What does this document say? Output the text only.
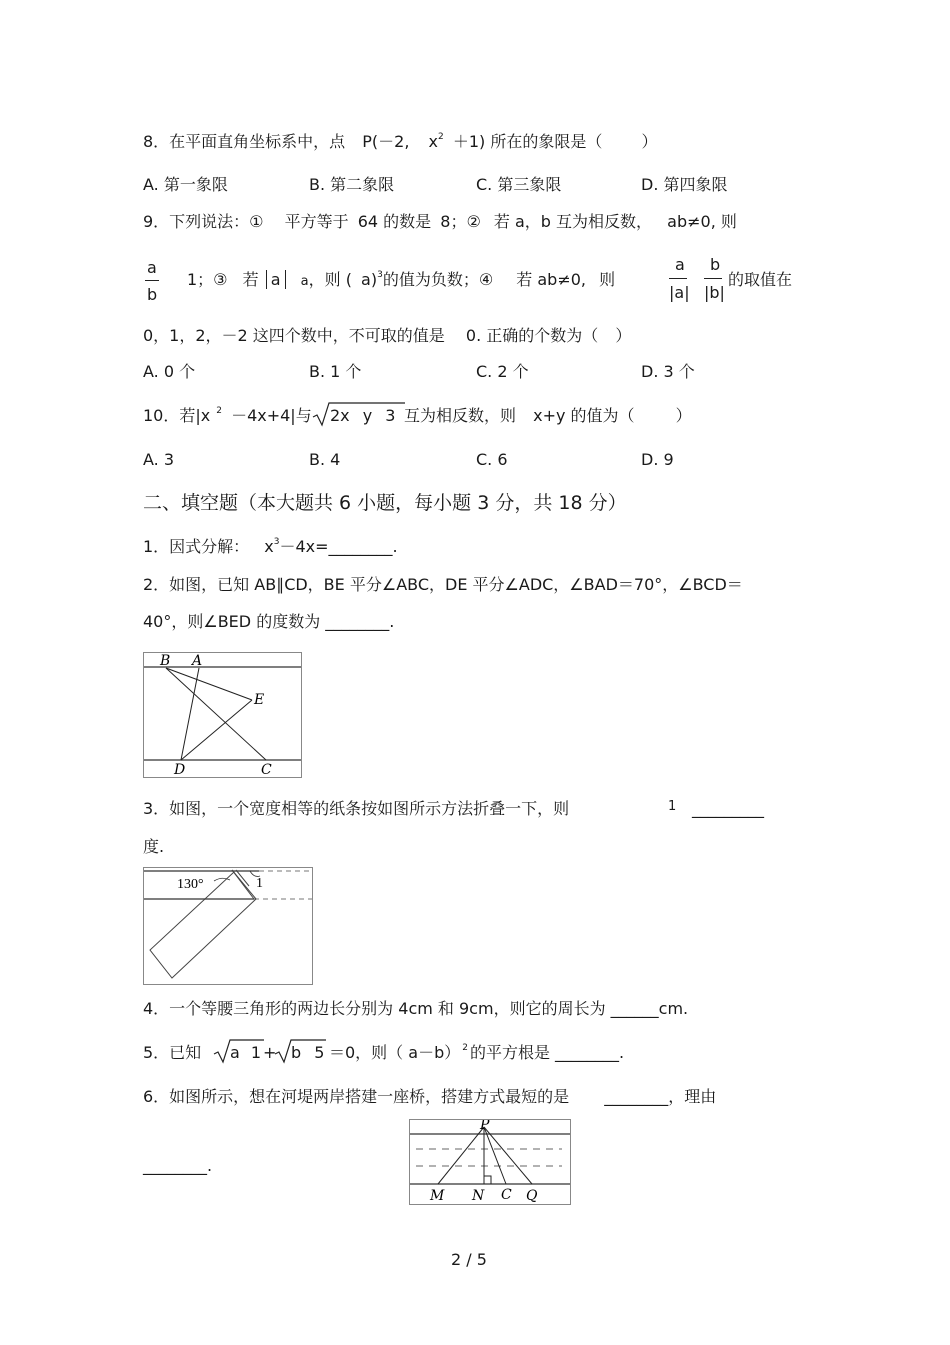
8．在平面直角坐标系中，点 P(－2, $x^2 +1$) 所在的象限是（ ）
A. 第一象限	B. 第二象限	C. 第三象限	D. 第四象限
9．下列说法：① 平方等于 64 的数是 8；② 若 a，b 互为相反数， ab≠0, 则
a
b
1；③ 若 a a，则 ( a)$^3$的值为负数；④ 若 ab≠0, 则
a
|a|
b
|b|
的取值在
0，1，2，－2 这四个数中，不可取的值是 0. 正确的个数为（ ）
A. 0 个	B. 1 个	C. 2 个	D. 3 个
10．若|x $^2$ －4x+4|与 2x y 3 互为相反数，则 x+y 的值为（	）
A. 3	B. 4	C. 6	D. 9
二、填空题（本大题共 6 小题，每小题 3 分，共 18 分）
1．因式分解： $x^3-4x=\_\_\_\_\_\_\_\_$.
2．如图，已知 AB∥CD，BE 平分∠ABC，DE 平分∠ADC，∠BAD＝70°，∠BCD＝
40°，则∠BED 的度数为 ________.
B A
E
D	C
3．如图，一个宽度相等的纸条按如图所示方法折叠一下，则	1 _________
度.
130°	1
4．一个等腰三角形的两边长分别为 4cm 和 9cm，则它的周长为 ______cm.
5．已知 a 1 + b 5 ＝0，则（ a－b） $^2$ 的平方根是 ________.
6．如图所示，想在河堤两岸搭建一座桥，搭建方式最短的是 ________，理由
________.
P
M N C Q
2 / 5
